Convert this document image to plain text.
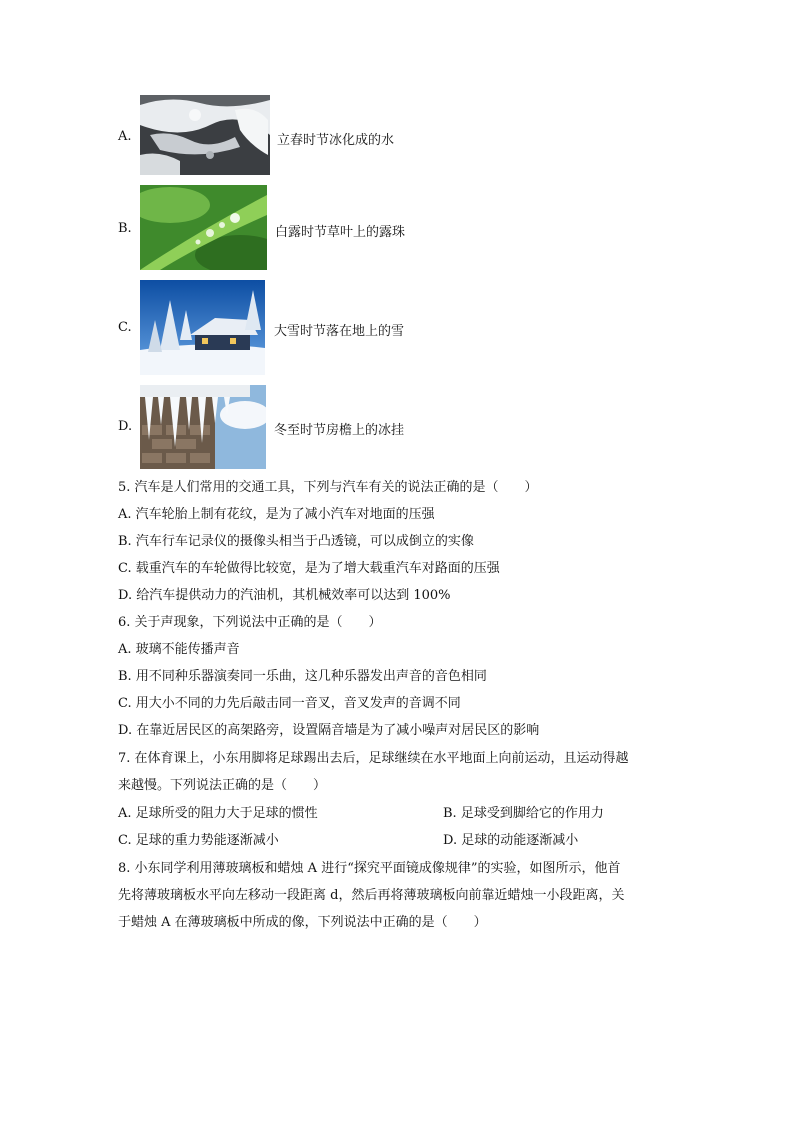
A.	立春时节冰化成的水
B.	白露时节草叶上的露珠
C.	大雪时节落在地上的雪
D.	冬至时节房檐上的冰挂
5. 汽车是人们常用的交通工具，下列与汽车有关的说法正确的是（　　）
A. 汽车轮胎上制有花纹，是为了减小汽车对地面的压强
B. 汽车行车记录仪的摄像头相当于凸透镜，可以成倒立的实像
C. 载重汽车的车轮做得比较宽，是为了增大载重汽车对路面的压强
D. 给汽车提供动力的汽油机，其机械效率可以达到 100%
6. 关于声现象，下列说法中正确的是（　　）
A. 玻璃不能传播声音
B. 用不同种乐器演奏同一乐曲，这几种乐器发出声音的音色相同
C. 用大小不同的力先后敲击同一音叉，音叉发声的音调不同
D. 在靠近居民区的高架路旁，设置隔音墙是为了减小噪声对居民区的影响
7. 在体育课上，小东用脚将足球踢出去后，足球继续在水平地面上向前运动，且运动得越
来越慢。下列说法正确的是（　　）
A. 足球所受的阻力大于足球的惯性	B. 足球受到脚给它的作用力
C. 足球的重力势能逐渐减小	D. 足球的动能逐渐减小
8. 小东同学利用薄玻璃板和蜡烛 A 进行“探究平面镜成像规律”的实验，如图所示，他首
先将薄玻璃板水平向左移动一段距离 d，然后再将薄玻璃板向前靠近蜡烛一小段距离，关
于蜡烛 A 在薄玻璃板中所成的像，下列说法中正确的是（　　）
